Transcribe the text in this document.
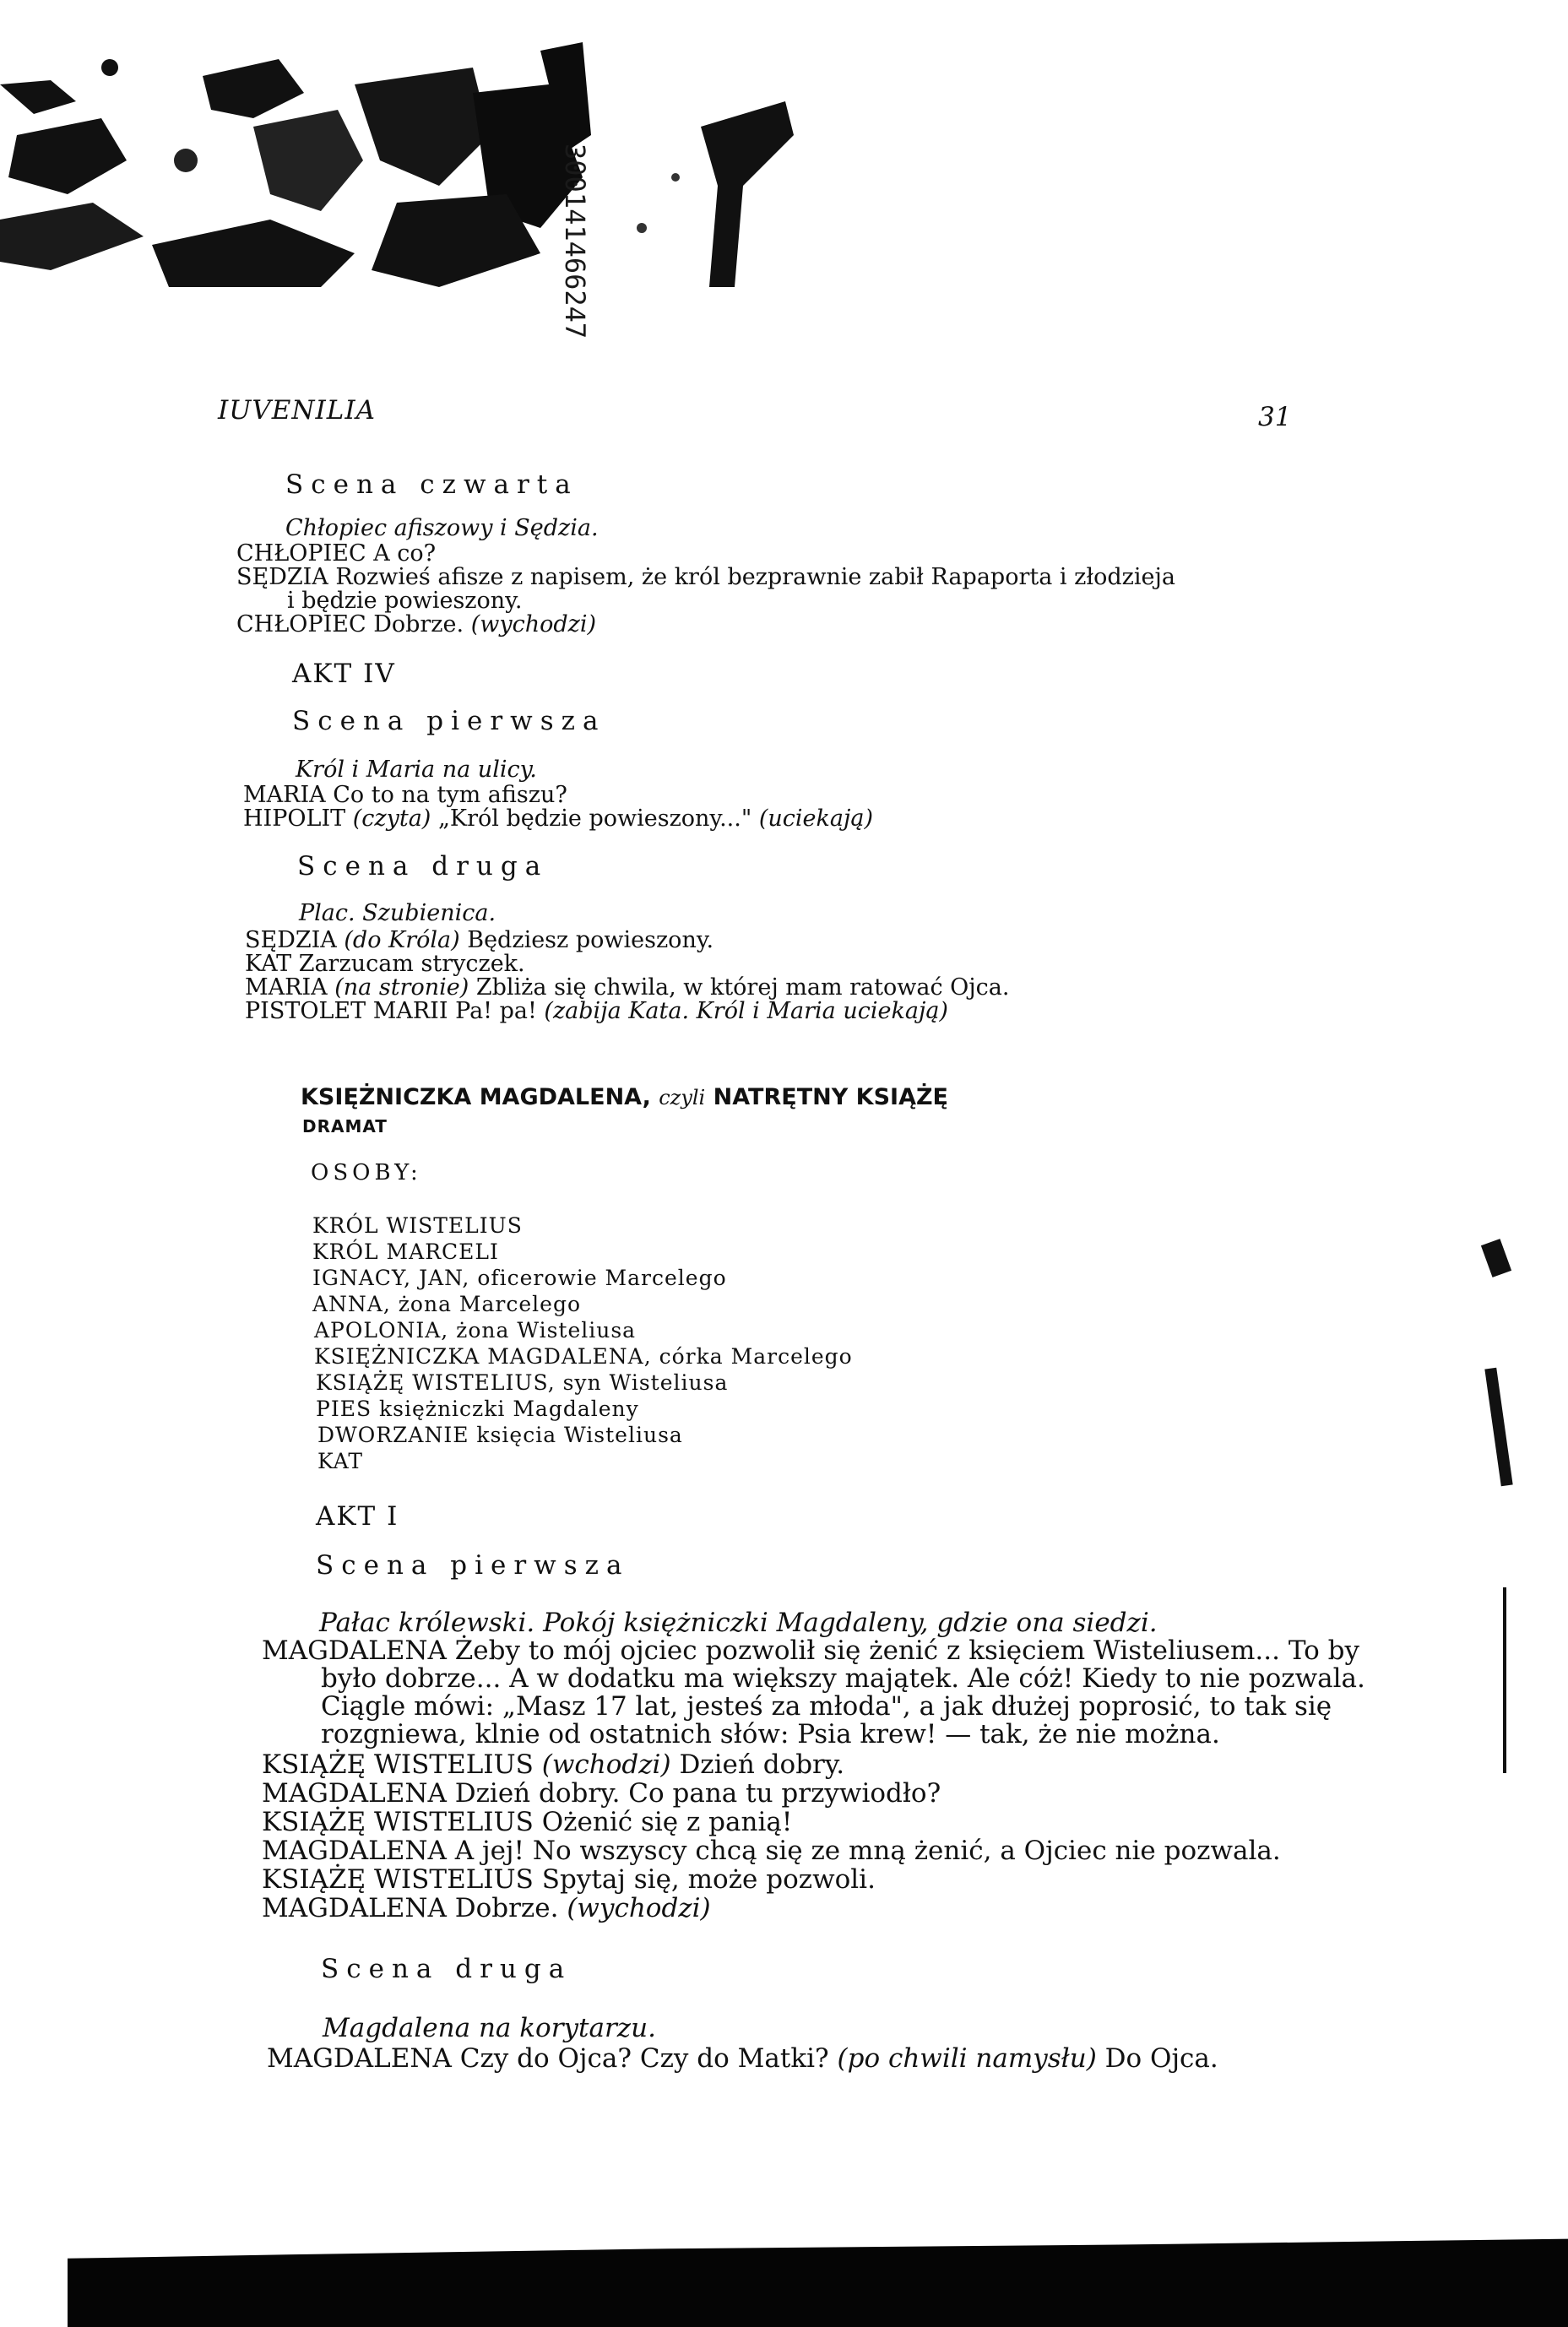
300141466247
IUVENILIA	31
Scena czwarta
Chłopiec afiszowy i Sędzia.
CHŁOPIEC A co?
SĘDZIA Rozwieś afisze z napisem, że król bezprawnie zabił Rapaporta i złodzieja
i będzie powieszony.
CHŁOPIEC Dobrze. (wychodzi)
AKT IV
Scena pierwsza
Król i Maria na ulicy.
MARIA Co to na tym afiszu?
HIPOLIT (czyta) „Król będzie powieszony..." (uciekają)
Scena druga
Plac. Szubienica.
SĘDZIA (do Króla) Będziesz powieszony.
KAT Zarzucam stryczek.
MARIA (na stronie) Zbliża się chwila, w której mam ratować Ojca.
PISTOLET MARII Pa! pa! (zabija Kata. Król i Maria uciekają)
KSIĘŻNICZKA MAGDALENA, czyli NATRĘTNY KSIĄŻĘ
DRAMAT
OSOBY:
KRÓL WISTELIUS
KRÓL MARCELI
IGNACY, JAN, oficerowie Marcelego
ANNA, żona Marcelego
APOLONIA, żona Wisteliusa
KSIĘŻNICZKA MAGDALENA, córka Marcelego
KSIĄŻĘ WISTELIUS, syn Wisteliusa
PIES księżniczki Magdaleny
DWORZANIE księcia Wisteliusa
KAT
AKT I
Scena pierwsza
Pałac królewski. Pokój księżniczki Magdaleny, gdzie ona siedzi.
MAGDALENA Żeby to mój ojciec pozwolił się żenić z księciem Wisteliusem... To by
było dobrze... A w dodatku ma większy majątek. Ale cóż! Kiedy to nie pozwala.
Ciągle mówi: „Masz 17 lat, jesteś za młoda", a jak dłużej poprosić, to tak się
rozgniewa, klnie od ostatnich słów: Psia krew! — tak, że nie można.
KSIĄŻĘ WISTELIUS (wchodzi) Dzień dobry.
MAGDALENA Dzień dobry. Co pana tu przywiodło?
KSIĄŻĘ WISTELIUS Ożenić się z panią!
MAGDALENA A jej! No wszyscy chcą się ze mną żenić, a Ojciec nie pozwala.
KSIĄŻĘ WISTELIUS Spytaj się, może pozwoli.
MAGDALENA Dobrze. (wychodzi)
Scena druga
Magdalena na korytarzu.
MAGDALENA Czy do Ojca? Czy do Matki? (po chwili namysłu) Do Ojca.
